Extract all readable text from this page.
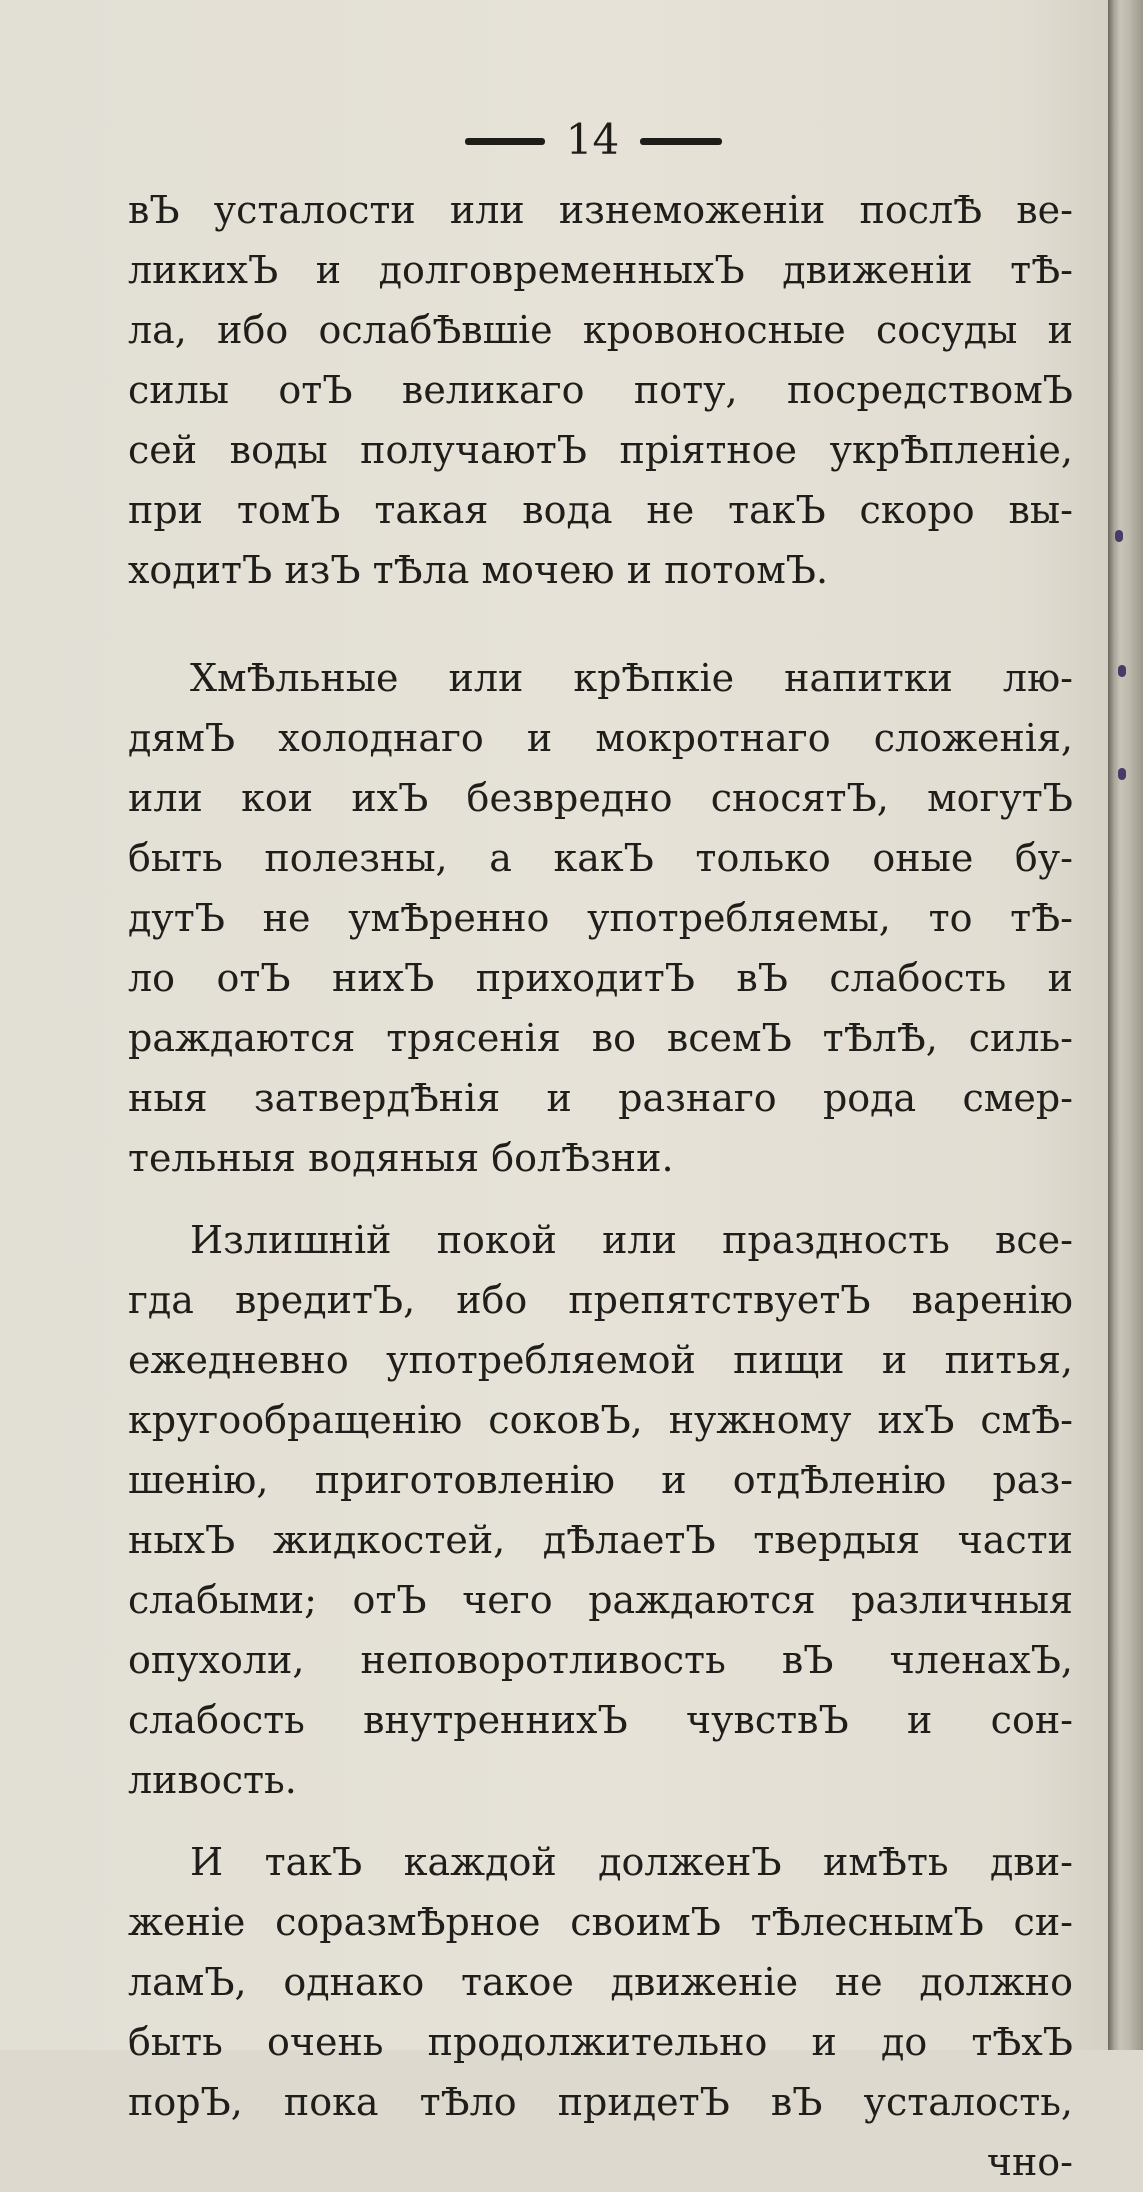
14
вЪ усталости или изнеможенiи послѢ ве-
ликихЪ и долговременныхЪ движенiи тѢ-
ла, ибо ослабѢвшiе кровоносные сосуды и
силы отЪ великаго поту, посредствомЪ
сей воды получаютЪ прiятное укрѢпленiе,
при томЪ такая вода не такЪ скоро вы-
ходитЪ изЪ тѢла мочею и потомЪ.
ХмѢльные или крѢпкiе напитки лю-
дямЪ холоднаго и мокротнаго сложенiя,
или кои ихЪ безвредно сносятЪ, могутЪ
быть полезны, а какЪ только оные бу-
дутЪ не умѢренно употребляемы, то тѢ-
ло отЪ нихЪ приходитЪ вЪ слабость и
раждаются трясенiя во всемЪ тѢлѢ, силь-
ныя затвердѢнiя и разнаго рода смер-
тельныя водяныя болѢзни.
Излишнiй покой или праздность все-
гда вредитЪ, ибо препятствуетЪ варенiю
ежедневно употребляемой пищи и питья,
кругообращенiю соковЪ, нужному ихЪ смѢ-
шенiю, приготовленiю и отдѢленiю раз-
ныхЪ жидкостей, дѢлаетЪ твердыя части
слабыми; отЪ чего раждаются различныя
опухоли, неповоротливость вЪ членахЪ,
слабость внутреннихЪ чувствЪ и сон-
ливость.
И такЪ каждой долженЪ имѢть дви-
женiе соразмѢрное своимЪ тѢлеснымЪ си-
ламЪ, однако такое движенiе не должно
быть очень продолжительно и до тѢхЪ
порЪ, пока тѢло придетЪ вЪ усталость,
чно-
